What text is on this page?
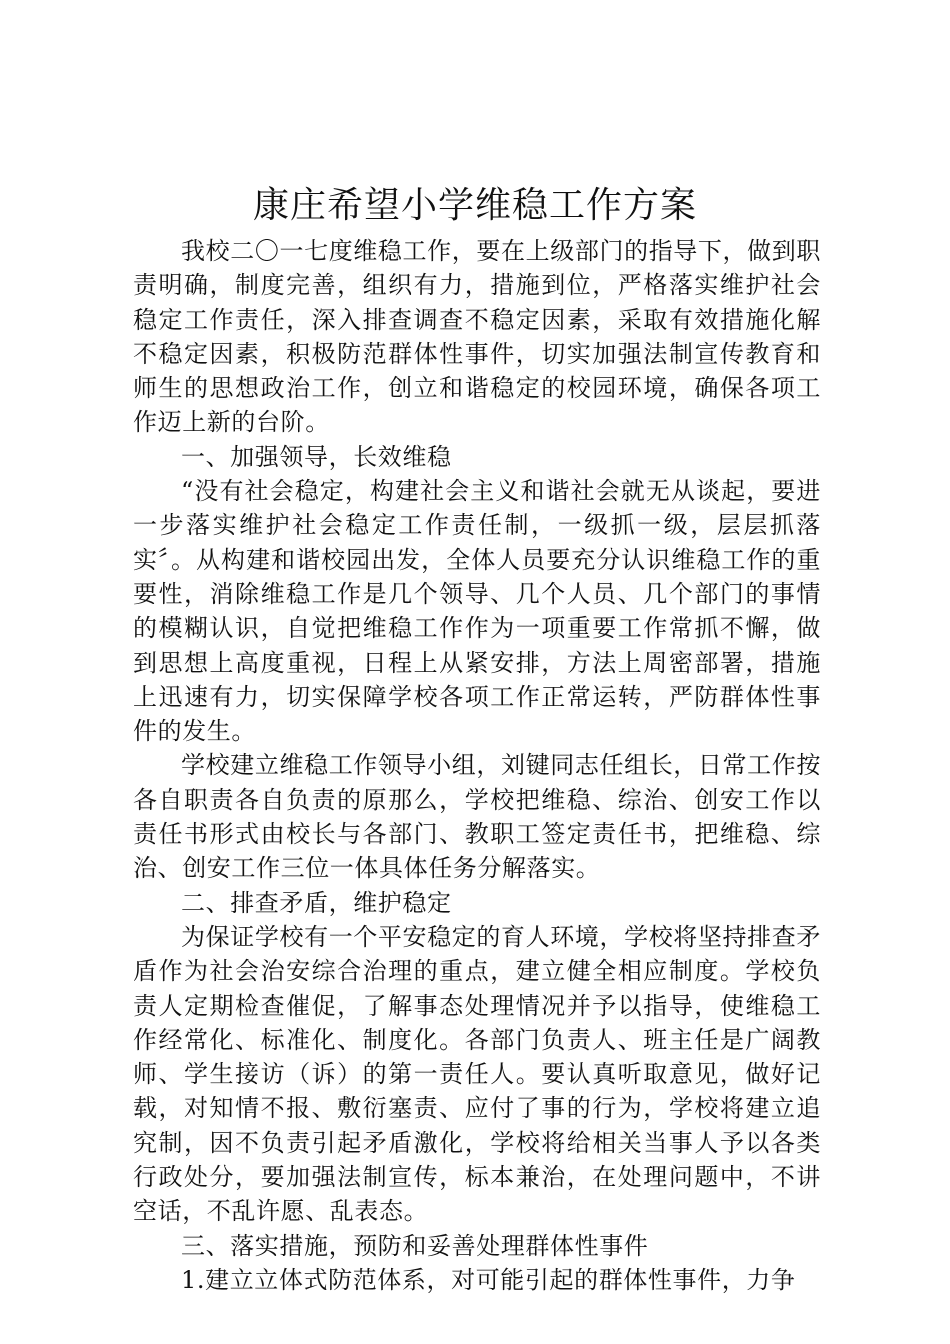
康庄希望小学维稳工作方案

我校二〇一七度维稳工作，要在上级部门的指导下，做到职责明确，制度完善，组织有力，措施到位，严格落实维护社会稳定工作责任，深入排查调查不稳定因素，采取有效措施化解不稳定因素，积极防范群体性事件，切实加强法制宣传教育和师生的思想政治工作，创立和谐稳定的校园环境，确保各项工作迈上新的台阶。

一、加强领导，长效维稳

“没有社会稳定，构建社会主义和谐社会就无从谈起，要进一步落实维护社会稳定工作责任制，一级抓一级，层层抓落实〞。从构建和谐校园出发，全体人员要充分认识维稳工作的重要性，消除维稳工作是几个领导、几个人员、几个部门的事情的模糊认识，自觉把维稳工作作为一项重要工作常抓不懈，做到思想上高度重视，日程上从紧安排，方法上周密部署，措施上迅速有力，切实保障学校各项工作正常运转，严防群体性事件的发生。

学校建立维稳工作领导小组，刘键同志任组长，日常工作按各自职责各自负责的原那么，学校把维稳、综治、创安工作以责任书形式由校长与各部门、教职工签定责任书，把维稳、综治、创安工作三位一体具体任务分解落实。

二、排查矛盾，维护稳定

为保证学校有一个平安稳定的育人环境，学校将坚持排查矛盾作为社会治安综合治理的重点，建立健全相应制度。学校负责人定期检查催促，了解事态处理情况并予以指导，使维稳工作经常化、标准化、制度化。各部门负责人、班主任是广阔教师、学生接访（诉）的第一责任人。要认真听取意见，做好记载，对知情不报、敷衍塞责、应付了事的行为，学校将建立追究制，因不负责引起矛盾激化，学校将给相关当事人予以各类行政处分，要加强法制宣传，标本兼治，在处理问题中，不讲空话，不乱许愿、乱表态。

三、落实措施，预防和妥善处理群体性事件

1.建立立体式防范体系，对可能引起的群体性事件，力争
